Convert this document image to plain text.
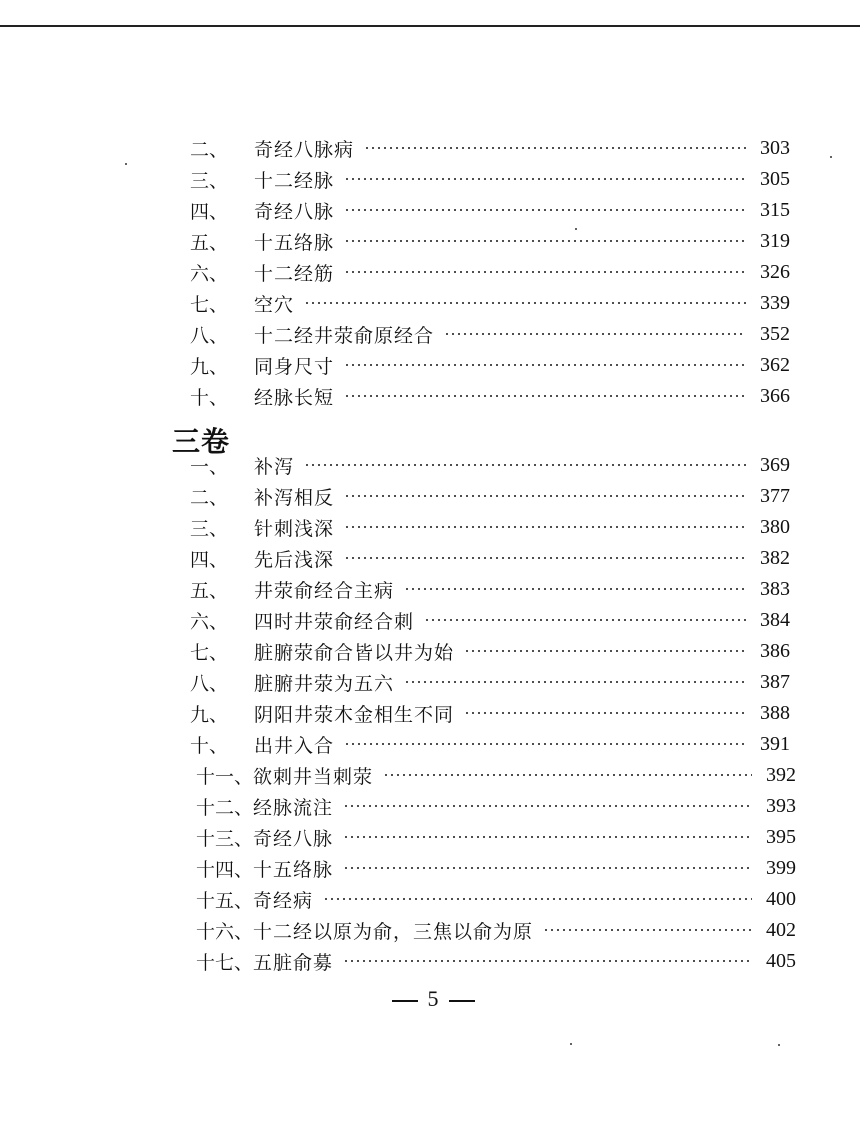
二、	奇经八脉病	303
三、	十二经脉	305
四、	奇经八脉	315
五、	十五络脉	319
六、	十二经筋	326
七、	空穴	339
八、	十二经井荥俞原经合	352
九、	同身尺寸	362
十、	经脉长短	366
三卷
一、	补泻	369
二、	补泻相反	377
三、	针刺浅深	380
四、	先后浅深	382
五、	井荥俞经合主病	383
六、	四时井荥俞经合刺	384
七、	脏腑荥俞合皆以井为始	386
八、	脏腑井荥为五六	387
九、	阴阳井荥木金相生不同	388
十、	出井入合	391
十一、 欲刺井当刺荥	392
十二、 经脉流注	393
十三、 奇经八脉	395
十四、 十五络脉	399
十五、 奇经病	400
十六、 十二经以原为俞，三焦以俞为原	402
十七、 五脏俞募	405
5
